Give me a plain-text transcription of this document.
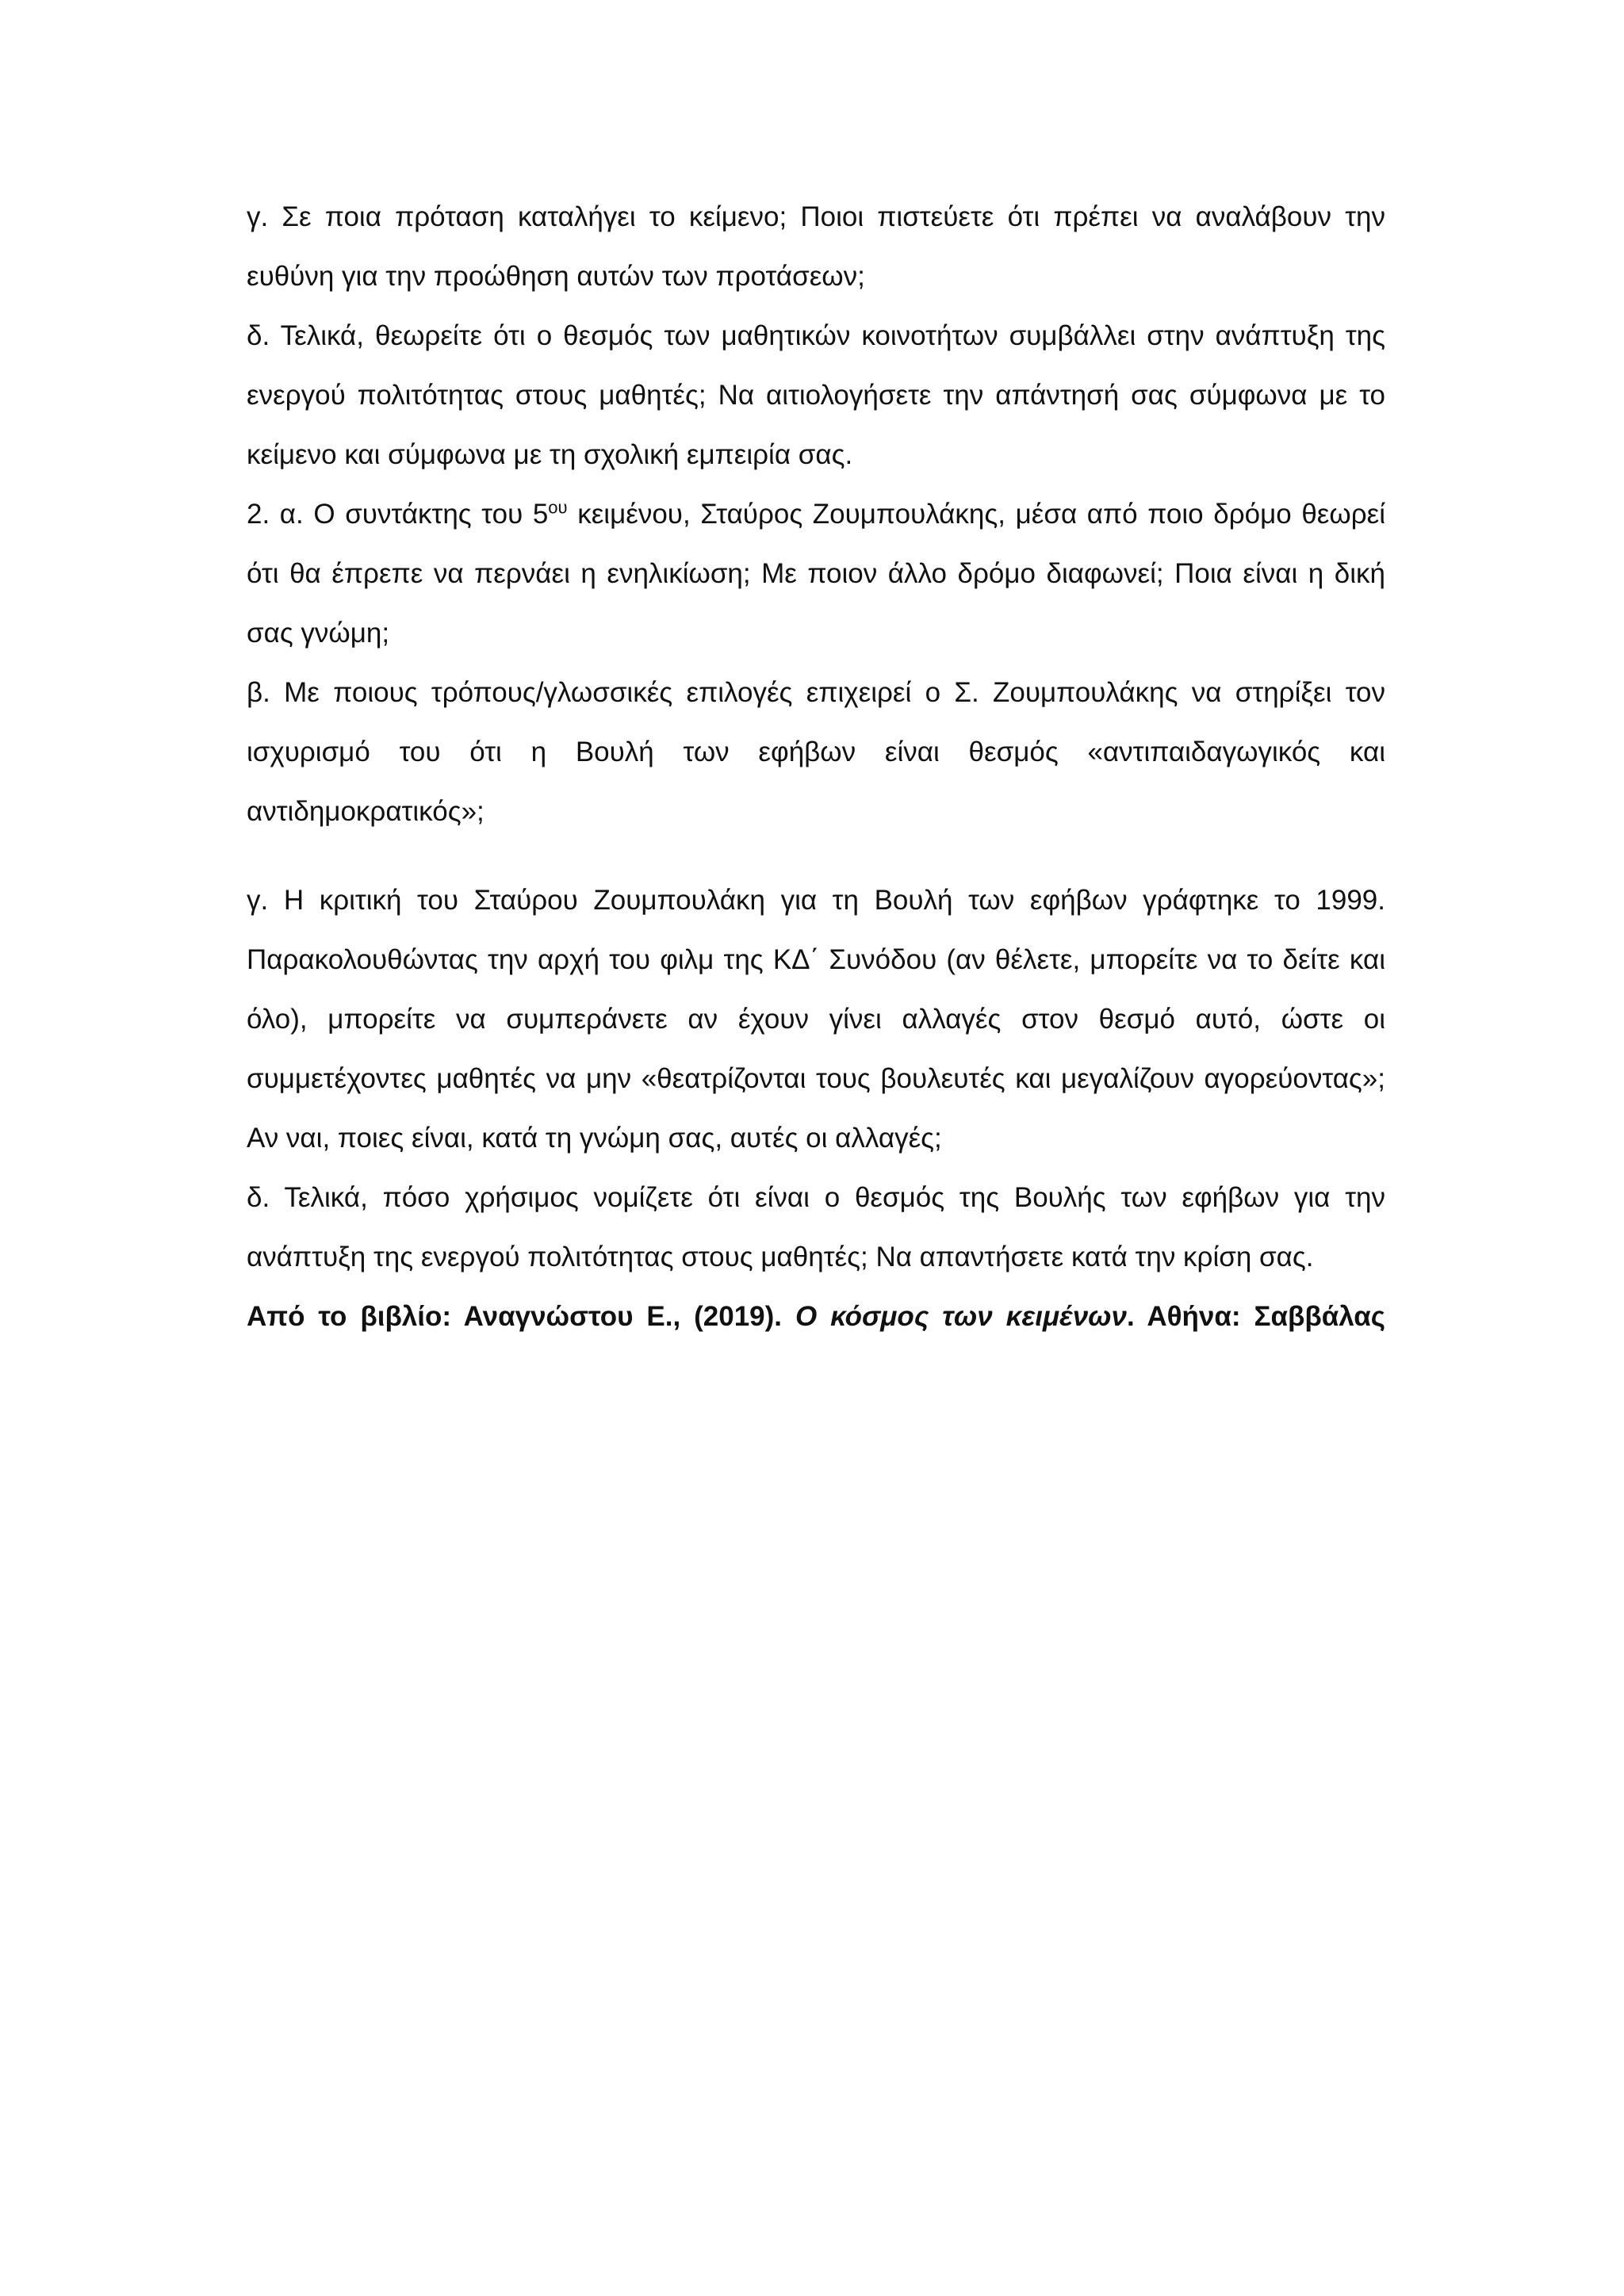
γ. Σε ποια πρόταση καταλήγει το κείμενο; Ποιοι πιστεύετε ότι πρέπει να αναλάβουν την ευθύνη για την προώθηση αυτών των προτάσεων;

δ. Τελικά, θεωρείτε ότι ο θεσμός των μαθητικών κοινοτήτων συμβάλλει στην ανάπτυξη της ενεργού πολιτότητας στους μαθητές; Να αιτιολογήσετε την απάντησή σας σύμφωνα με το κείμενο και σύμφωνα με τη σχολική εμπειρία σας.

2. α. Ο συντάκτης του $5^{o\upsilon}$ κειμένου, Σταύρος Ζουμπουλάκης, μέσα από ποιο δρόμο θεωρεί ότι θα έπρεπε να περνάει η ενηλικίωση; Με ποιον άλλο δρόμο διαφωνεί; Ποια είναι η δική σας γνώμη;

β. Με ποιους τρόπους/γλωσσικές επιλογές επιχειρεί ο Σ. Ζουμπουλάκης να στηρίξει τον ισχυρισμό του ότι η Βουλή των εφήβων είναι θεσμός «αντιπαιδαγωγικός και αντιδημοκρατικός»;

γ. Η κριτική του Σταύρου Ζουμπουλάκη για τη Βουλή των εφήβων γράφτηκε το 1999. Παρακολουθώντας την αρχή του φιλμ της ΚΔ΄ Συνόδου (αν θέλετε, μπορείτε να το δείτε και όλο), μπορείτε να συμπεράνετε αν έχουν γίνει αλλαγές στον θεσμό αυτό, ώστε οι συμμετέχοντες μαθητές να μην «θεατρίζονται τους βουλευτές και μεγαλίζουν αγορεύοντας»; Αν ναι, ποιες είναι, κατά τη γνώμη σας, αυτές οι αλλαγές;

δ. Τελικά, πόσο χρήσιμος νομίζετε ότι είναι ο θεσμός της Βουλής των εφήβων για την ανάπτυξη της ενεργού πολιτότητας στους μαθητές; Να απαντήσετε κατά την κρίση σας.

Από το βιβλίο: Αναγνώστου Ε., (2019). Ο κόσμος των κειμένων. Αθήνα: Σαββάλας
